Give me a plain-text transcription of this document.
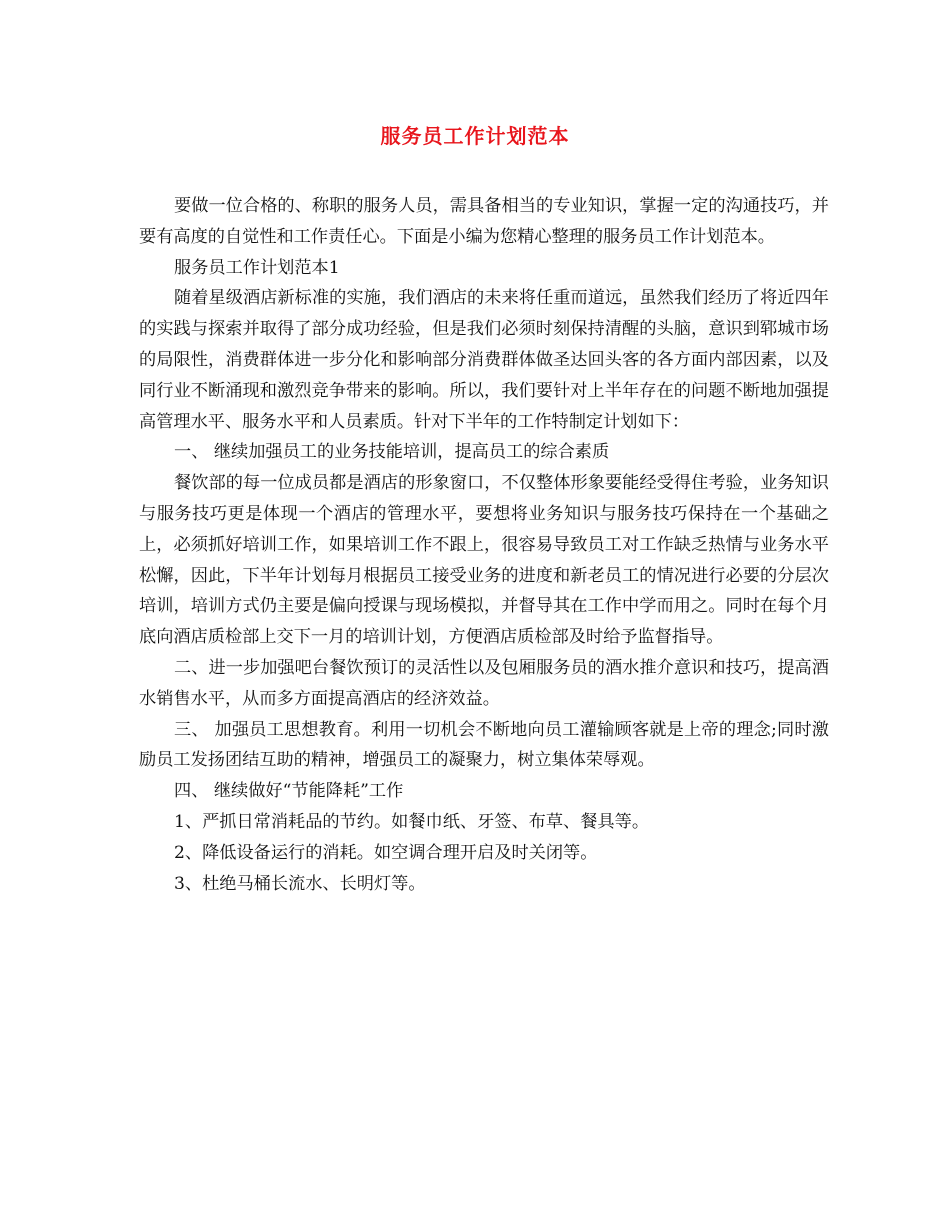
服务员工作计划范本

要做一位合格的、称职的服务人员，需具备相当的专业知识，掌握一定的沟通技巧，并要有高度的自觉性和工作责任心。下面是小编为您精心整理的服务员工作计划范本。

服务员工作计划范本1

随着星级酒店新标准的实施，我们酒店的未来将任重而道远，虽然我们经历了将近四年的实践与探索并取得了部分成功经验，但是我们必须时刻保持清醒的头脑，意识到郓城市场的局限性，消费群体进一步分化和影响部分消费群体做圣达回头客的各方面内部因素，以及同行业不断涌现和激烈竞争带来的影响。所以，我们要针对上半年存在的问题不断地加强提高管理水平、服务水平和人员素质。针对下半年的工作特制定计划如下：

一、 继续加强员工的业务技能培训，提高员工的综合素质

餐饮部的每一位成员都是酒店的形象窗口，不仅整体形象要能经受得住考验，业务知识与服务技巧更是体现一个酒店的管理水平，要想将业务知识与服务技巧保持在一个基础之上，必须抓好培训工作，如果培训工作不跟上，很容易导致员工对工作缺乏热情与业务水平松懈，因此，下半年计划每月根据员工接受业务的进度和新老员工的情况进行必要的分层次培训，培训方式仍主要是偏向授课与现场模拟，并督导其在工作中学而用之。同时在每个月底向酒店质检部上交下一月的培训计划，方便酒店质检部及时给予监督指导。

二、进一步加强吧台餐饮预订的灵活性以及包厢服务员的酒水推介意识和技巧，提高酒水销售水平，从而多方面提高酒店的经济效益。

三、 加强员工思想教育。利用一切机会不断地向员工灌输顾客就是上帝的理念;同时激励员工发扬团结互助的精神，增强员工的凝聚力，树立集体荣辱观。

四、 继续做好“节能降耗”工作

1、严抓日常消耗品的节约。如餐巾纸、牙签、布草、餐具等。

2、降低设备运行的消耗。如空调合理开启及时关闭等。

3、杜绝马桶长流水、长明灯等。
